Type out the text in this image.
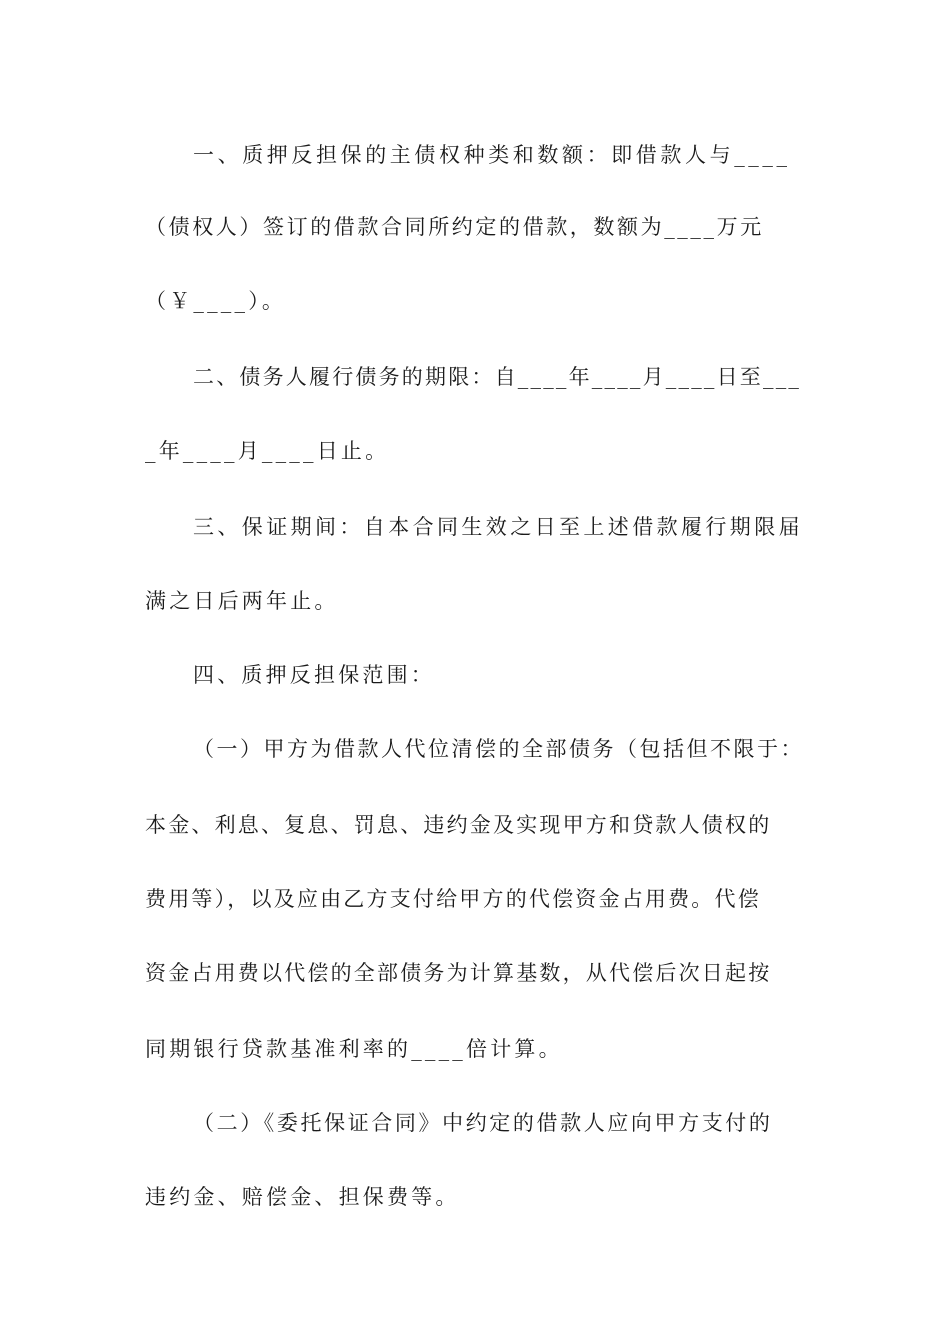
一、质押反担保的主债权种类和数额：即借款人与____
（债权人）签订的借款合同所约定的借款，数额为____万元
（￥____）。
二、债务人履行债务的期限：自____年____月____日至___
_年____月____日止。
三、保证期间：自本合同生效之日至上述借款履行期限届
满之日后两年止。
四、质押反担保范围：
（一）甲方为借款人代位清偿的全部债务（包括但不限于：
本金、利息、复息、罚息、违约金及实现甲方和贷款人债权的
费用等），以及应由乙方支付给甲方的代偿资金占用费。代偿
资金占用费以代偿的全部债务为计算基数，从代偿后次日起按
同期银行贷款基准利率的____倍计算。
（二）《委托保证合同》中约定的借款人应向甲方支付的
违约金、赔偿金、担保费等。
